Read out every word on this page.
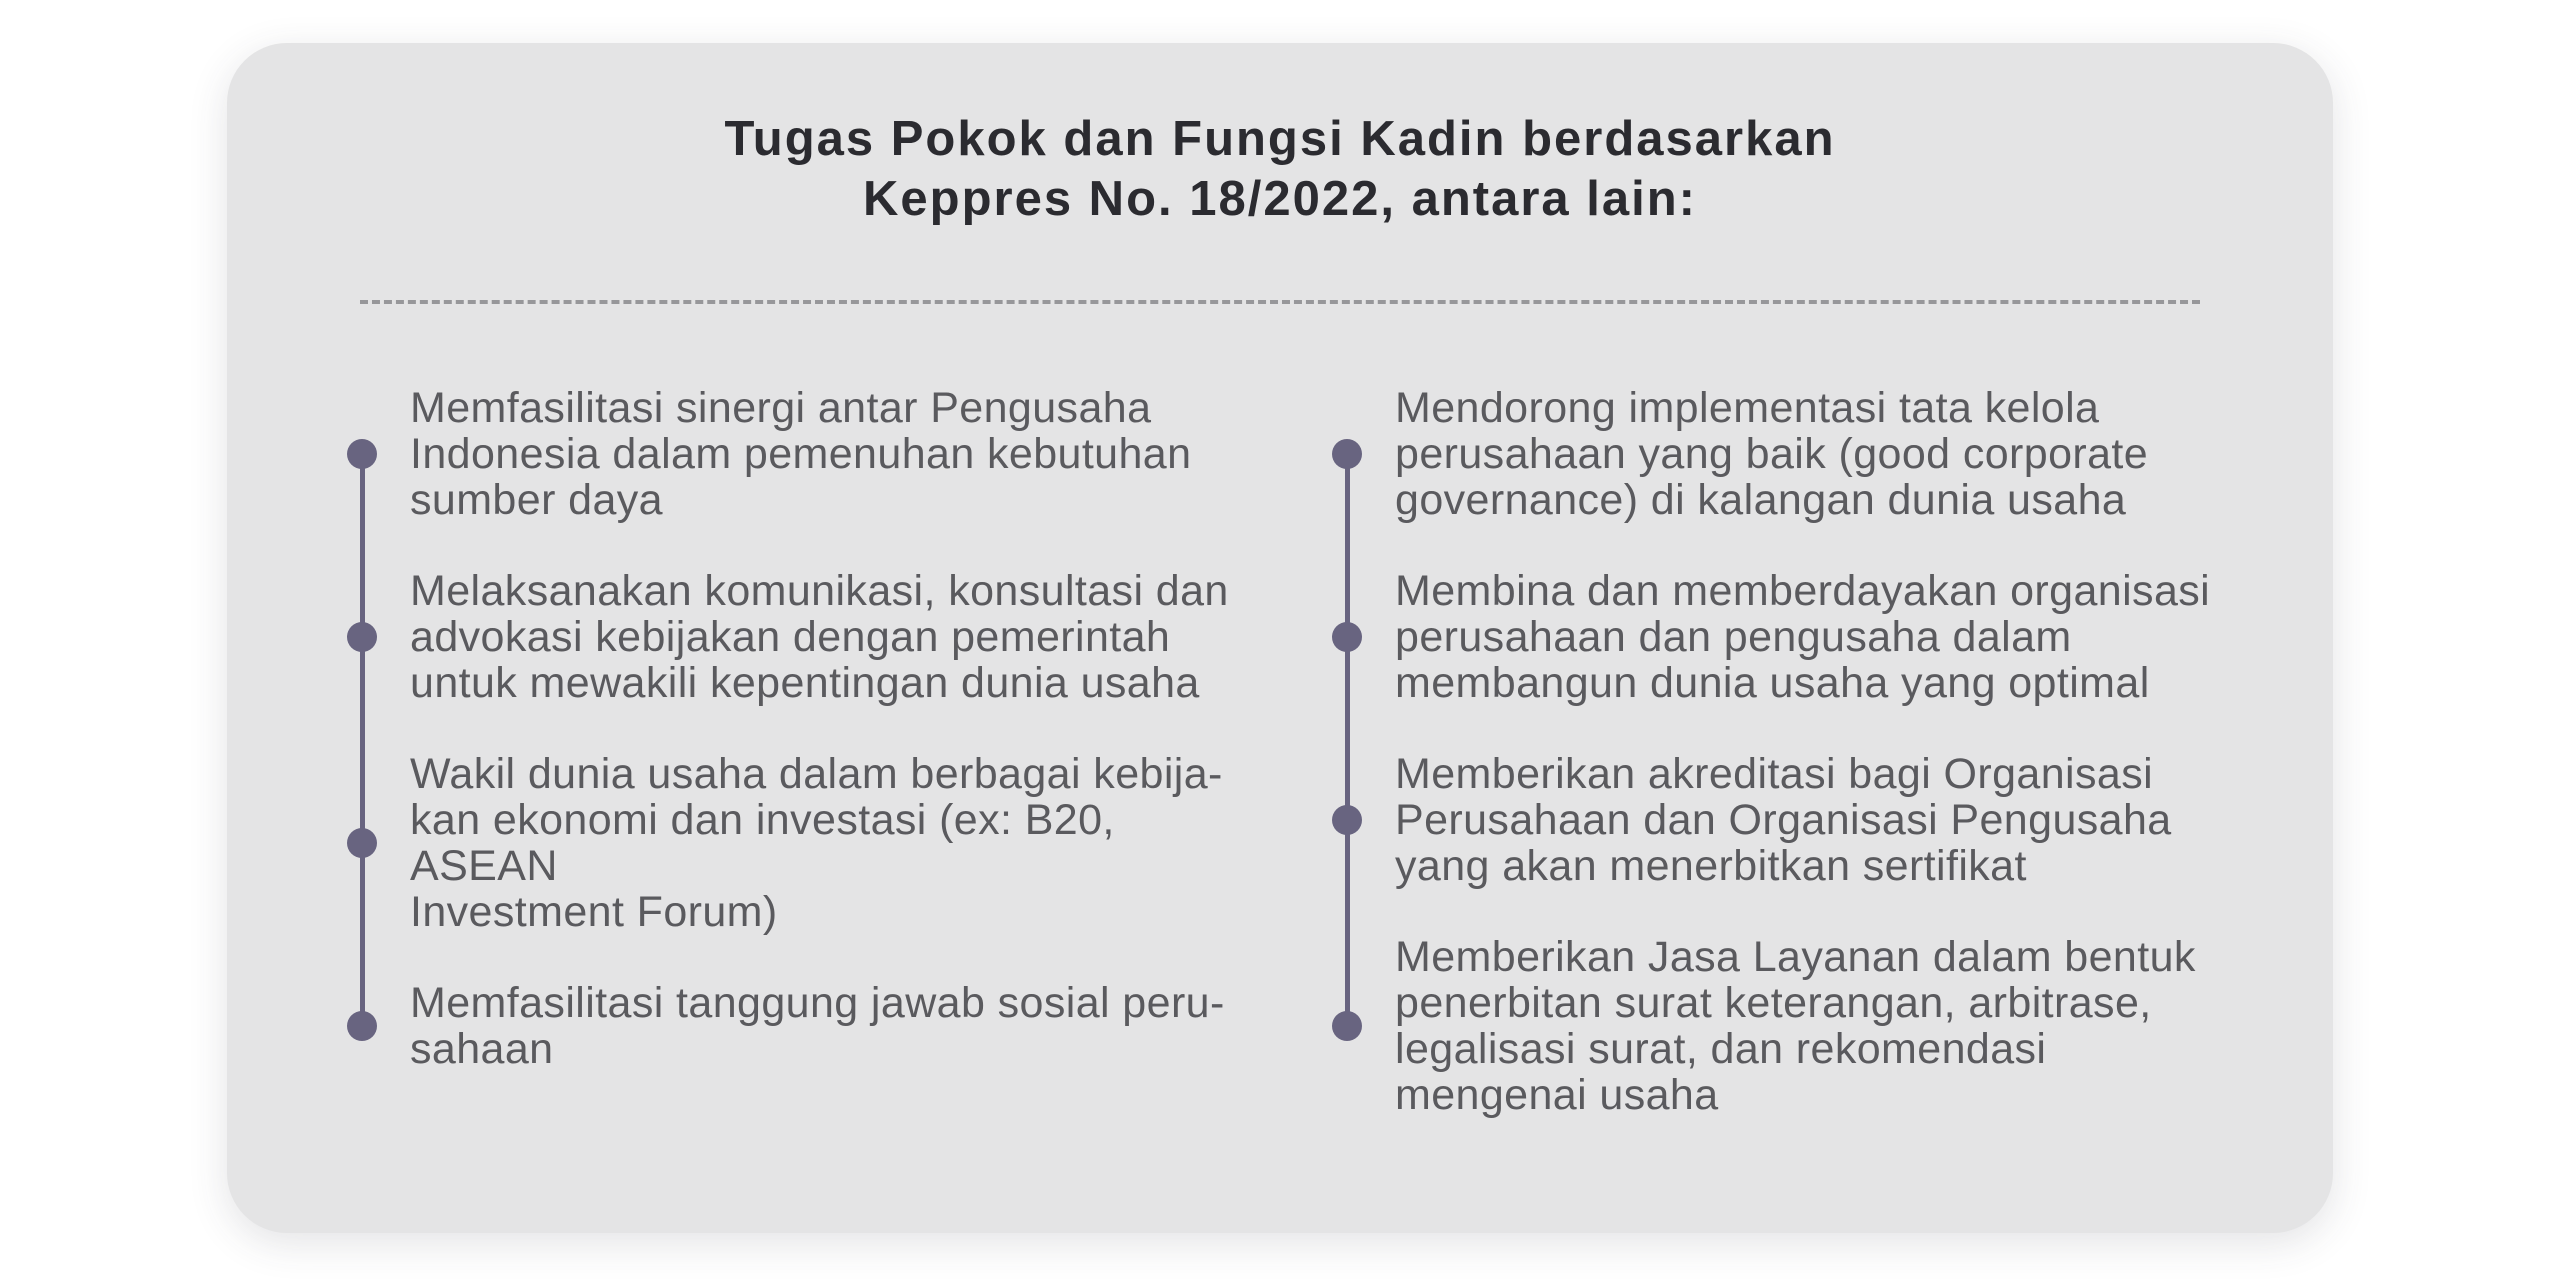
Tugas Pokok dan Fungsi Kadin berdasarkan
Keppres No. 18/2022, antara lain:
Memfasilitasi sinergi antar Pengusaha
Indonesia dalam pemenuhan kebutuhan
sumber daya
Melaksanakan komunikasi, konsultasi dan
advokasi kebijakan dengan pemerintah
untuk mewakili kepentingan dunia usaha
Wakil dunia usaha dalam berbagai kebija-
kan ekonomi dan investasi (ex: B20, ASEAN
Investment Forum)
Memfasilitasi tanggung jawab sosial peru-
sahaan
Mendorong implementasi tata kelola
perusahaan yang baik (good corporate
governance) di kalangan dunia usaha
Membina dan memberdayakan organisasi
perusahaan dan pengusaha dalam
membangun dunia usaha yang optimal
Memberikan akreditasi bagi Organisasi
Perusahaan dan Organisasi Pengusaha
yang akan menerbitkan sertifikat
Memberikan Jasa Layanan dalam bentuk
penerbitan surat keterangan, arbitrase,
legalisasi surat, dan rekomendasi
mengenai usaha
